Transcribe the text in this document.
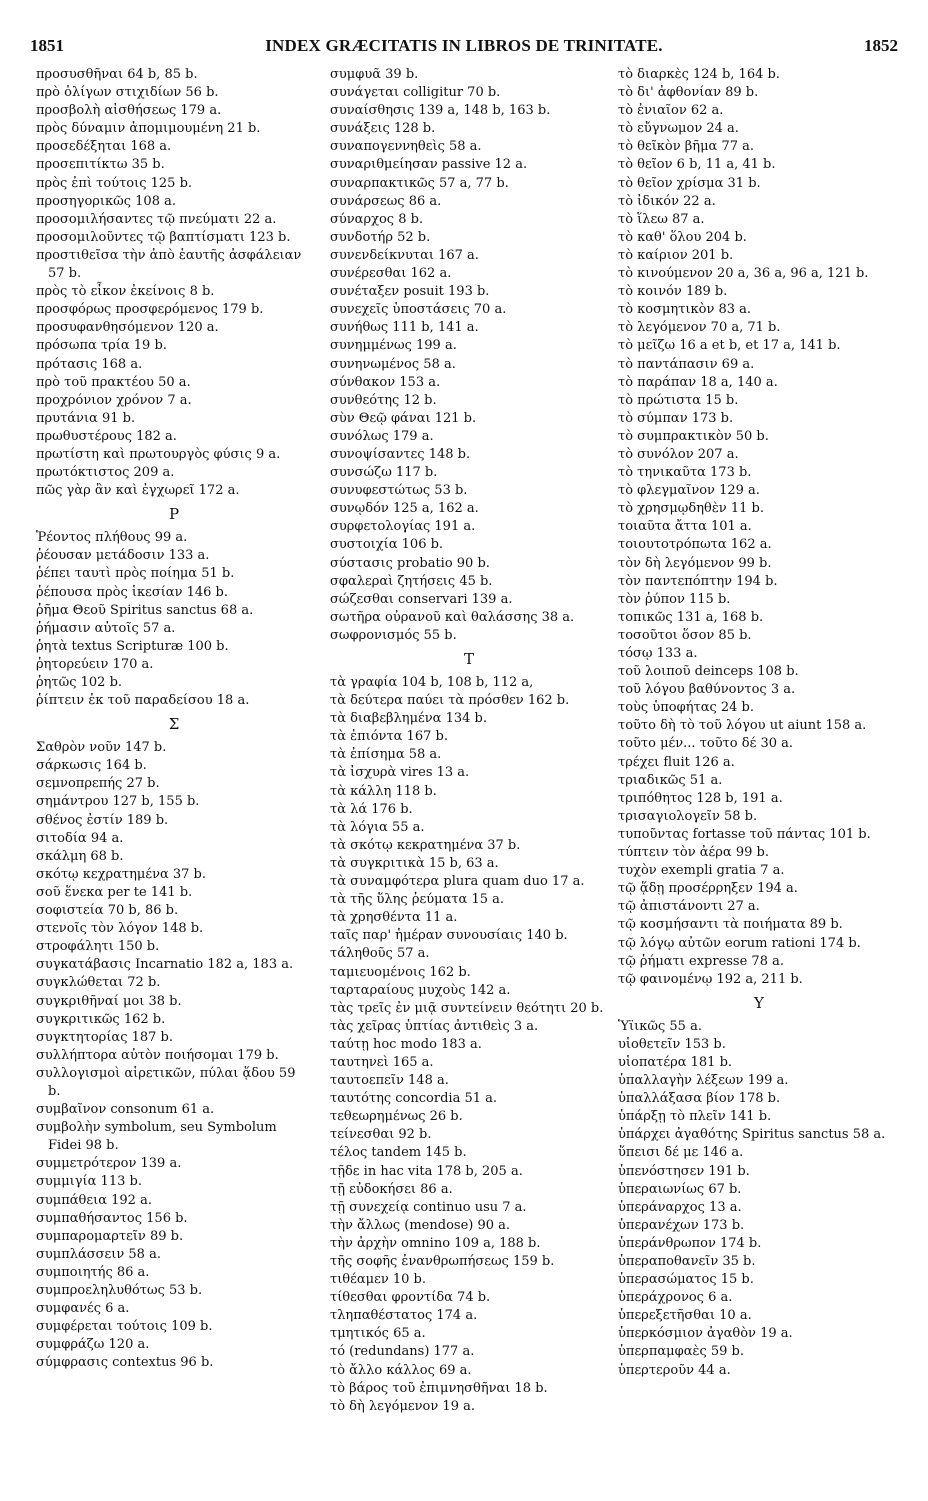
1851	INDEX GRÆCITATIS IN LIBROS DE TRINITATE.	1852
προσυσθῆναι 64 b, 85 b.
πρὸ ὀλίγων στιχιδίων 56 b.
προσβολὴ αἰσθήσεως 179 a.
πρὸς δύναμιν ἀπομιμουμένη 21 b.
προσεδέξηται 168 a.
προσεπιτίκτω 35 b.
πρὸς ἐπὶ τούτοις 125 b.
προσηγορικῶς 108 a.
προσομιλήσαντες τῷ πνεύματι 22 a.
προσομιλοῦντες τῷ βαπτίσματι 123 b.
προστιθεῖσα τὴν ἀπὸ ἑαυτῆς ἀσφάλειαν 57 b.
πρὸς τὸ εἶκον ἐκείνοις 8 b.
προσφόρως προσφερόμενος 179 b.
προσυφανθησόμενον 120 a.
πρόσωπα τρία 19 b.
πρότασις 168 a.
πρὸ τοῦ πρακτέου 50 a.
προχρόνιον χρόνον 7 a.
πρυτάνια 91 b.
πρωθυστέρους 182 a.
πρωτίστη καὶ πρωτουργὸς φύσις 9 a.
πρωτόκτιστος 209 a.
πῶς γὰρ ἂν καὶ ἐγχωρεῖ 172 a.
P
Ῥέοντος πλήθους 99 a.
ῥέουσαν μετάδοσιν 133 a.
ῥέπει ταυτὶ πρὸς ποίημα 51 b.
ῥέπουσα πρὸς ἱκεσίαν 146 b.
ῥῆμα Θεοῦ Spiritus sanctus 68 a.
ῥήμασιν αὐτοῖς 57 a.
ῥητὰ textus Scripturæ 100 b.
ῥητορεύειν 170 a.
ῥητῶς 102 b.
ῥίπτειν ἐκ τοῦ παραδείσου 18 a.
Σ
Σαθρὸν νοῦν 147 b.
σάρκωσις 164 b.
σεμνοπρεπής 27 b.
σημάντρου 127 b, 155 b.
σθένος ἐστίν 189 b.
σιτοδία 94 a.
σκάλμη 68 b.
σκότῳ κεχρατημένα 37 b.
σοῦ ἕνεκα per te 141 b.
σοφιστεία 70 b, 86 b.
στενοῖς τὸν λόγον 148 b.
στροφάλητι 150 b.
συγκατάβασις Incarnatio 182 a, 183 a.
συγκλώθεται 72 b.
συγκριθῆναί μοι 38 b.
συγκριτικῶς 162 b.
συγκτητορίας 187 b.
συλλήπτορα αὐτὸν ποιήσομαι 179 b.
συλλογισμοὶ αἱρετικῶν, πύλαι ᾅδου 59 b.
συμβαῖνον consonum 61 a.
συμβολὴν symbolum, seu Symbolum Fidei 98 b.
συμμετρότερον 139 a.
συμμιγία 113 b.
συμπάθεια 192 a.
συμπαθήσαντος 156 b.
συμπαρομαρτεῖν 89 b.
συμπλάσσειν 58 a.
συμποιητής 86 a.
συμπροεληλυθότως 53 b.
συμφανές 6 a.
συμφέρεται τούτοις 109 b.
συμφράζω 120 a.
σύμφρασις contextus 96 b.
συμφυᾶ 39 b.
συνάγεται colligitur 70 b.
συναίσθησις 139 a, 148 b, 163 b.
συνάξεις 128 b.
συναπογεννηθεὶς 58 a.
συναριθμείησαν passive 12 a.
συναρπακτικῶς 57 a, 77 b.
συνάρσεως 86 a.
σύναρχος 8 b.
συνδοτήρ 52 b.
συνενδείκνυται 167 a.
συνέρεσθαι 162 a.
συνέταξεν posuit 193 b.
συνεχεῖς ὑποστάσεις 70 a.
συνήθως 111 b, 141 a.
συνημμένως 199 a.
συνηνωμένος 58 a.
σύνθακον 153 a.
συνθεότης 12 b.
σὺν Θεῷ φάναι 121 b.
συνόλως 179 a.
συνοψίσαντες 148 b.
συνσώζω 117 b.
συνυφεστώτως 53 b.
συνῳδόν 125 a, 162 a.
συρφετολογίας 191 a.
συστοιχία 106 b.
σύστασις probatio 90 b.
σφαλεραὶ ζητήσεις 45 b.
σώζεσθαι conservari 139 a.
σωτῆρα οὐρανοῦ καὶ θαλάσσης 38 a.
σωφρονισμός 55 b.
T
τὰ γραφία 104 b, 108 b, 112 a,
τὰ δεύτερα παύει τὰ πρόσθεν 162 b.
τὰ διαβεβλημένα 134 b.
τὰ ἐπιόντα 167 b.
τὰ ἐπίσημα 58 a.
τὰ ἰσχυρὰ vires 13 a.
τὰ κάλλη 118 b.
τὰ λά 176 b.
τὰ λόγια 55 a.
τὰ σκότῳ κεκρατημένα 37 b.
τὰ συγκριτικὰ 15 b, 63 a.
τὰ συναμφότερα plura quam duo 17 a.
τὰ τῆς ὕλης ῥεύματα 15 a.
τὰ χρησθέντα 11 a.
ταῖς παρ' ἡμέραν συνουσίαις 140 b.
τάληθοῦς 57 a.
ταμιευομένοις 162 b.
ταρταραίους μυχοὺς 142 a.
τὰς τρεῖς ἐν μιᾷ συντείνειν θεότητι 20 b.
τὰς χεῖρας ὑπτίας ἀντιθεὶς 3 a.
ταύτῃ hoc modo 183 a.
ταυτηνεὶ 165 a.
ταυτοεπεῖν 148 a.
ταυτότης concordia 51 a.
τεθεωρημένως 26 b.
τείνεσθαι 92 b.
τέλος tandem 145 b.
τῇδε in hac vita 178 b, 205 a.
τῇ εὐδοκήσει 86 a.
τῇ συνεχείᾳ continuo usu 7 a.
τὴν ἄλλως (mendose) 90 a.
τὴν ἀρχὴν omnino 109 a, 188 b.
τῆς σοφῆς ἐνανθρωπήσεως 159 b.
τιθέαμεν 10 b.
τίθεσθαι φροντίδα 74 b.
τληπαθέστατος 174 a.
τμητικός 65 a.
τό (redundans) 177 a.
τὸ ἄλλο κάλλος 69 a.
τὸ βάρος τοῦ ἐπιμνησθῆναι 18 b.
τὸ δὴ λεγόμενον 19 a.
τὸ διαρκὲς 124 b, 164 b.
τὸ δι' ἀφθονίαν 89 b.
τὸ ἐνιαῖον 62 a.
τὸ εὔγνωμον 24 a.
τὸ θεῖκὸν βῆμα 77 a.
τὸ θεῖον 6 b, 11 a, 41 b.
τὸ θεῖον χρίσμα 31 b.
τὸ ἰδικόν 22 a.
τὸ ἵλεω 87 a.
τὸ καθ' ὅλου 204 b.
τὸ καίριον 201 b.
τὸ κινούμενον 20 a, 36 a, 96 a, 121 b.
τὸ κοινόν 189 b.
τὸ κοσμητικὸν 83 a.
τὸ λεγόμενον 70 a, 71 b.
τὸ μεῖζω 16 a et b, et 17 a, 141 b.
τὸ παντάπασιν 69 a.
τὸ παράπαν 18 a, 140 a.
τὸ πρώτιστα 15 b.
τὸ σύμπαν 173 b.
τὸ συμπρακτικὸν 50 b.
τὸ συνόλον 207 a.
τὸ τηνικαῦτα 173 b.
τὸ φλεγμαῖνον 129 a.
τὸ χρησμῳδηθὲν 11 b.
τοιαῦτα ἄττα 101 a.
τοιουτοτρόπωτα 162 a.
τὸν δὴ λεγόμενον 99 b.
τὸν παντεπόπτην 194 b.
τὸν ῥύπον 115 b.
τοπικῶς 131 a, 168 b.
τοσοῦτοι ὅσον 85 b.
τόσῳ 133 a.
τοῦ λοιποῦ deinceps 108 b.
τοῦ λόγου βαθύνοντος 3 a.
τοὺς ὑποφήτας 24 b.
τοῦτο δὴ τὸ τοῦ λόγου ut aiunt 158 a.
τοῦτο μέν... τοῦτο δέ 30 a.
τρέχει fluit 126 a.
τριαδικῶς 51 a.
τριπόθητος 128 b, 191 a.
τρισαγιολογεῖν 58 b.
τυποῦντας fortasse τοῦ πάντας 101 b.
τύπτειν τὸν ἀέρα 99 b.
τυχὸν exempli gratia 7 a.
τῷ ᾅδῃ προσέρρηξεν 194 a.
τῷ ἀπιστάνοντι 27 a.
τῷ κοσμήσαντι τὰ ποιήματα 89 b.
τῷ λόγῳ αὐτῶν eorum rationi 174 b.
τῷ ῥήματι expresse 78 a.
τῷ φαινομένῳ 192 a, 211 b.
Y
Ὑϊικῶς 55 a.
υἱοθετεῖν 153 b.
υἱοπατέρα 181 b.
ὑπαλλαγὴν λέξεων 199 a.
ὑπαλλάξασα βίον 178 b.
ὑπάρξῃ τὸ πλεῖν 141 b.
ὑπάρχει ἀγαθότης Spiritus sanctus 58 a.
ὕπεισι δέ με 146 a.
ὑπενόστησεν 191 b.
ὑπεραιωνίως 67 b.
ὑπεράναρχος 13 a.
ὑπερανέχων 173 b.
ὑπεράνθρωπον 174 b.
ὑπεραποθανεῖν 35 b.
ὑπερασώματος 15 b.
ὑπεράχρονος 6 a.
ὑπερεξετῆσθαι 10 a.
ὑπερκόσμιον ἀγαθὸν 19 a.
ὑπερπαμφαὲς 59 b.
ὑπερτεροῦν 44 a.
